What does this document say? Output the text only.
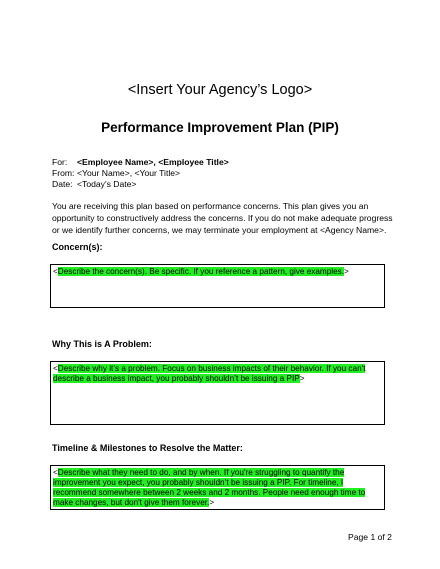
<Insert Your Agency’s Logo>
Performance Improvement Plan (PIP)
For:	<Employee Name>, <Employee Title>
From: <Your Name>, <Your Title>
Date: <Today's Date>
You are receiving this plan based on performance concerns. This plan gives you an opportunity to constructively address the concerns. If you do not make adequate progress or we identify further concerns, we may terminate your employment at <Agency Name>.
Concern(s):
<Describe the concern(s). Be specific. If you reference a pattern, give examples.>
Why This is A Problem:
<Describe why it’s a problem. Focus on business impacts of their behavior. If you can't describe a business impact, you probably shouldn’t be issuing a PIP>
Timeline & Milestones to Resolve the Matter:
<Describe what they need to do, and by when. If you're struggling to quantify the improvement you expect, you probably shouldn’t be issuing a PIP. For timeline, I recommend somewhere between 2 weeks and 2 months. People need enough time to make changes, but don't give them forever.>
Page 1 of 2
